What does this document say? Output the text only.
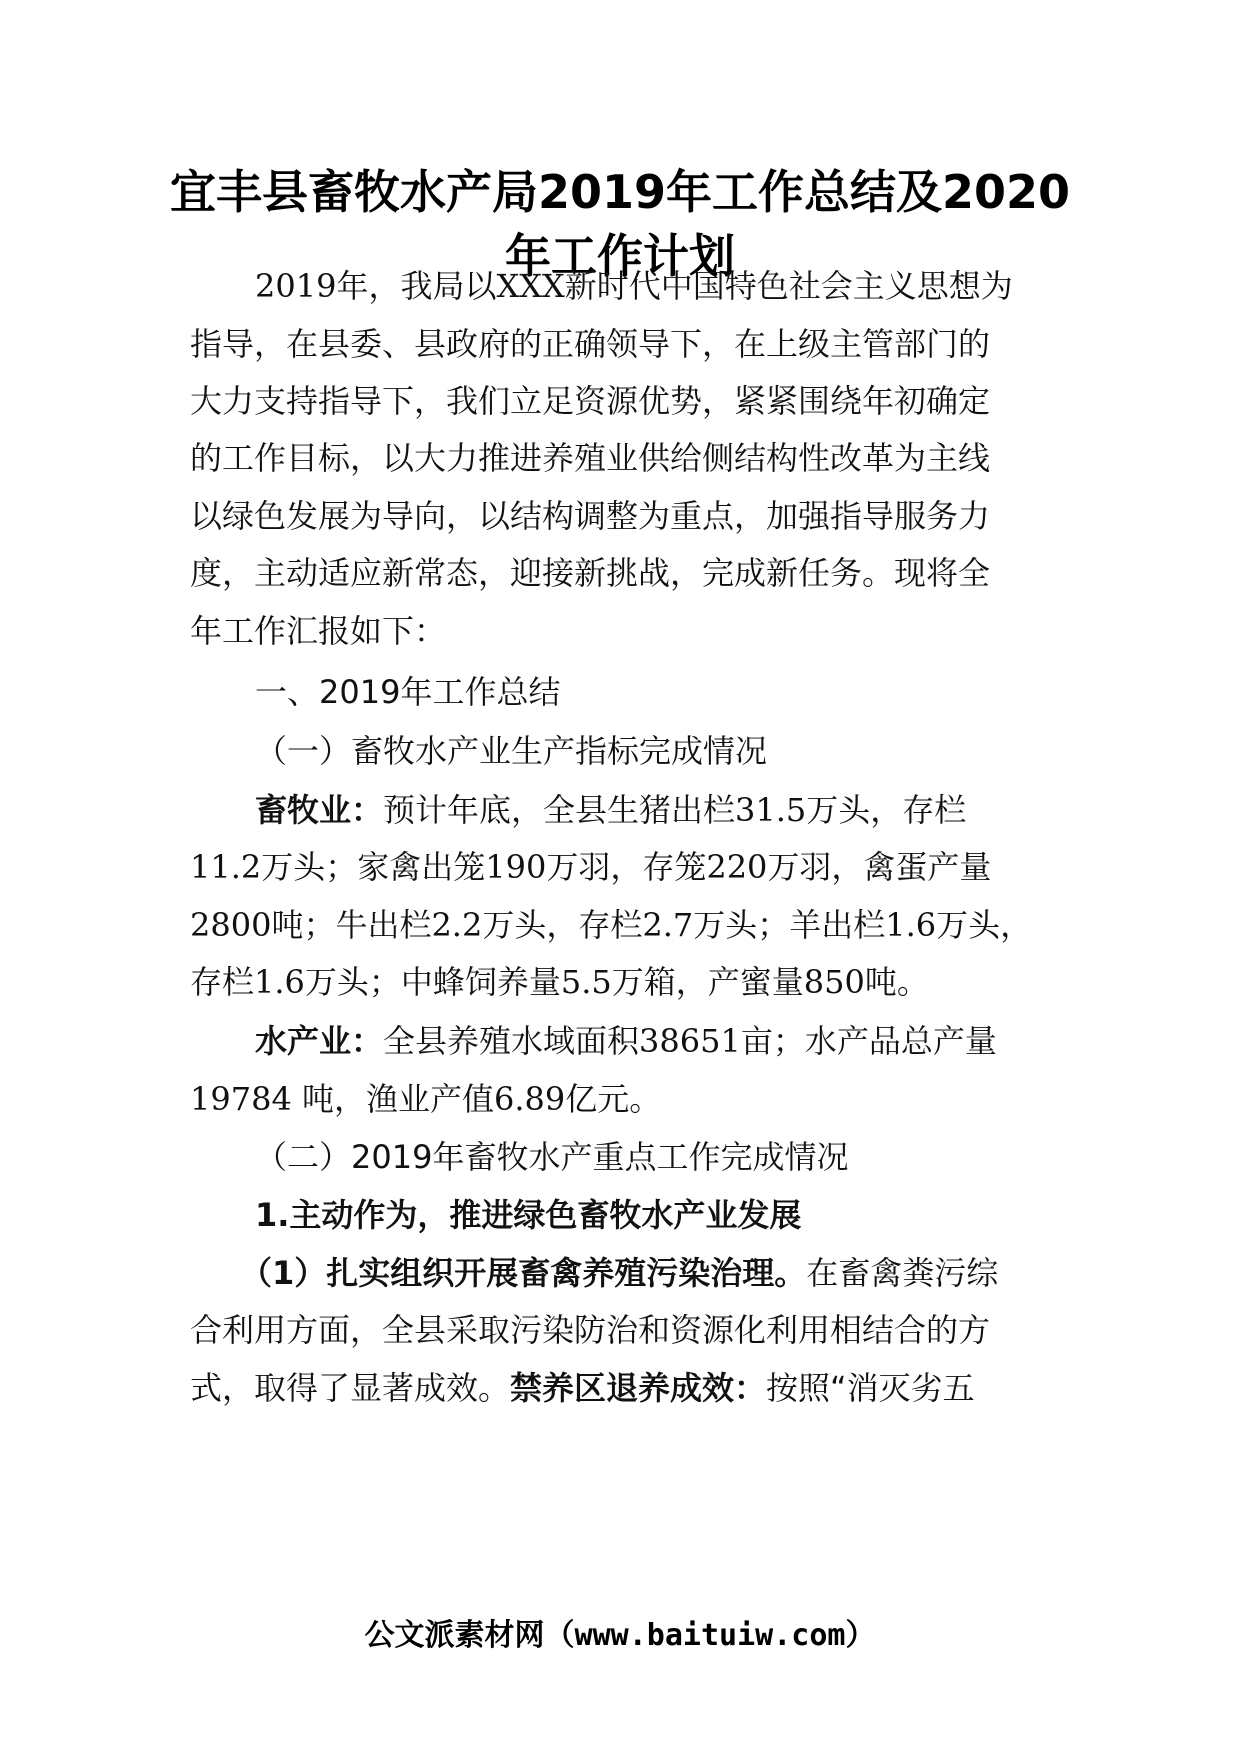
宜丰县畜牧水产局2019年工作总结及2020
年工作计划
2019年，我局以XXX新时代中国特色社会主义思想为
指导，在县委、县政府的正确领导下，在上级主管部门的
大力支持指导下，我们立足资源优势，紧紧围绕年初确定
的工作目标，以大力推进养殖业供给侧结构性改革为主线
以绿色发展为导向，以结构调整为重点，加强指导服务力
度，主动适应新常态，迎接新挑战，完成新任务。现将全
年工作汇报如下：
一、2019年工作总结
（一）畜牧水产业生产指标完成情况
畜牧业：预计年底，全县生猪出栏31.5万头，存栏
11.2万头；家禽出笼190万羽，存笼220万羽，禽蛋产量
2800吨；牛出栏2.2万头，存栏2.7万头；羊出栏1.6万头，
存栏1.6万头；中蜂饲养量5.5万箱，产蜜量850吨。
水产业：全县养殖水域面积38651亩；水产品总产量
19784 吨，渔业产值6.89亿元。
（二）2019年畜牧水产重点工作完成情况
1.主动作为，推进绿色畜牧水产业发展
（1）扎实组织开展畜禽养殖污染治理。在畜禽粪污综
合利用方面，全县采取污染防治和资源化利用相结合的方
式，取得了显著成效。禁养区退养成效：按照“消灭劣五
公文派素材网（www.baituiw.com）
